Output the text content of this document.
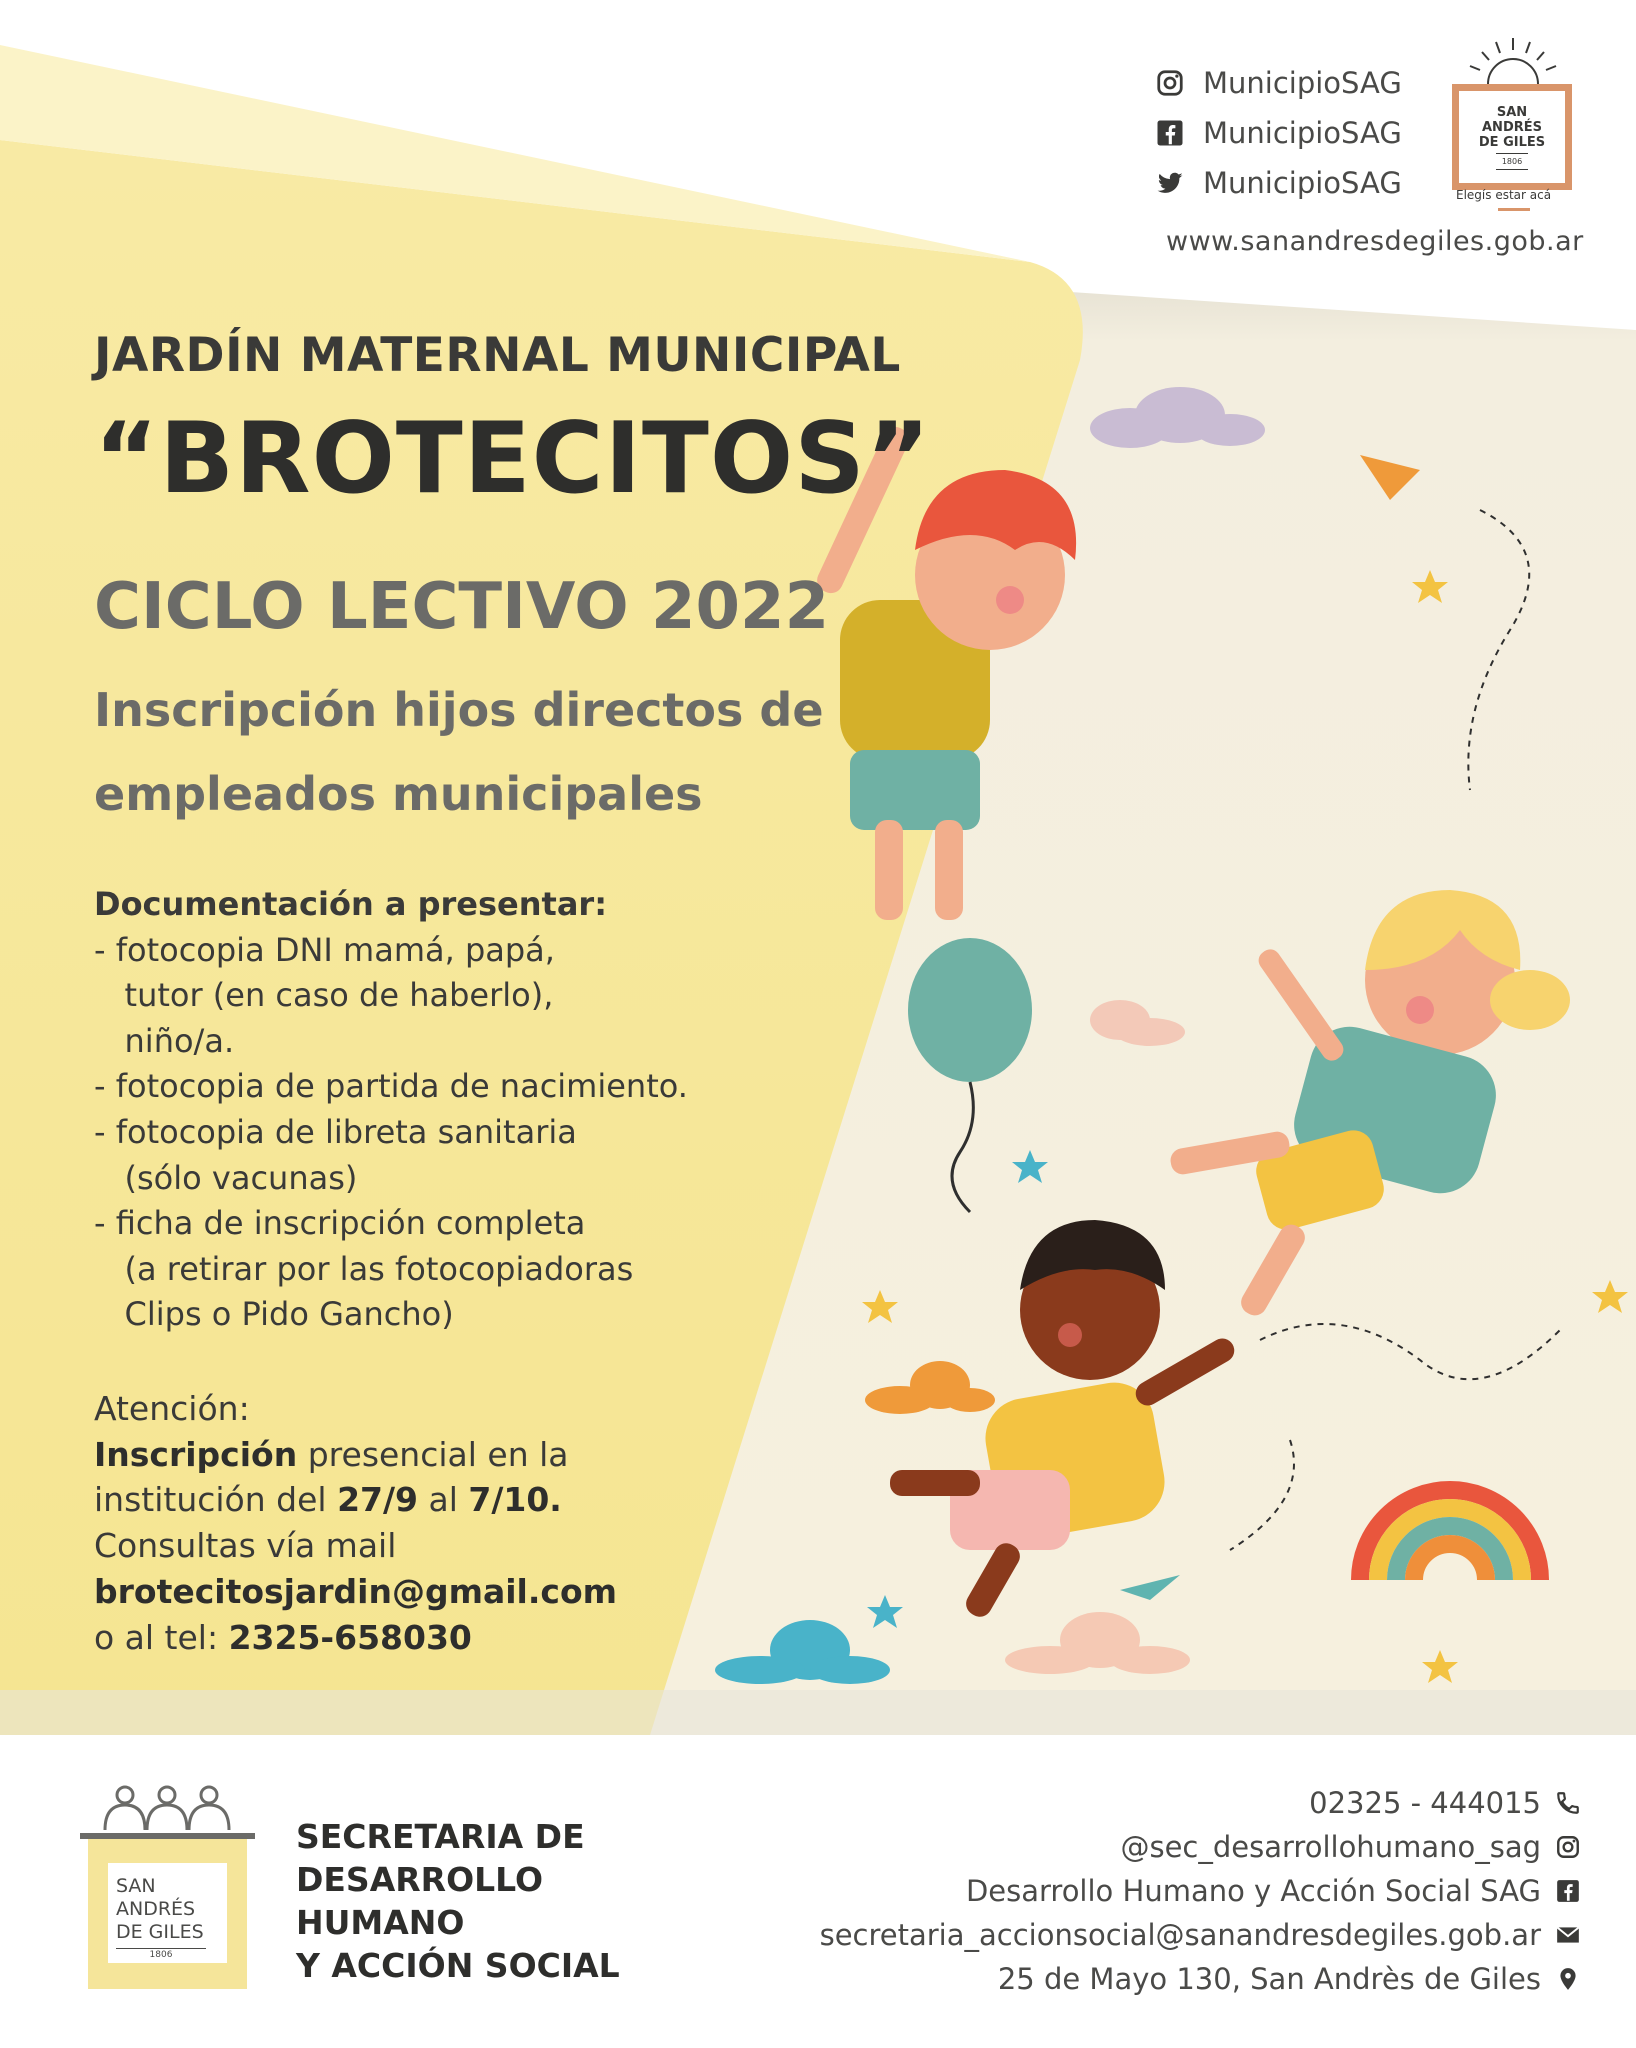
MunicipioSAG
MunicipioSAG
MunicipioSAG
www.sanandresdegiles.gob.ar
SAN
ANDRÉS
DE GILES
1806
Elegís estar acá
JARDÍN MATERNAL MUNICIPAL
“BROTECITOS”
CICLO LECTIVO 2022
Inscripción hijos directos de empleados municipales
Documentación a presentar:
- fotocopia DNI mamá, papá,
tutor (en caso de haberlo),
niño/a.
- fotocopia de partida de nacimiento.
- fotocopia de libreta sanitaria
(sólo vacunas)
- ficha de inscripción completa
(a retirar por las fotocopiadoras
Clips o Pido Gancho)
Atención:
Inscripción presencial en la
institución del 27/9 al 7/10.
Consultas vía mail
brotecitosjardin@gmail.com
o al tel: 2325-658030
SAN
ANDRÉS
DE GILES
1806
SECRETARIA DE
DESARROLLO
HUMANO
Y ACCIÓN SOCIAL
02325 - 444015
@sec_desarrollohumano_sag
Desarrollo Humano y Acción Social SAG
secretaria_accionsocial@sanandresdegiles.gob.ar
25 de Mayo 130, San Andrès de Giles
